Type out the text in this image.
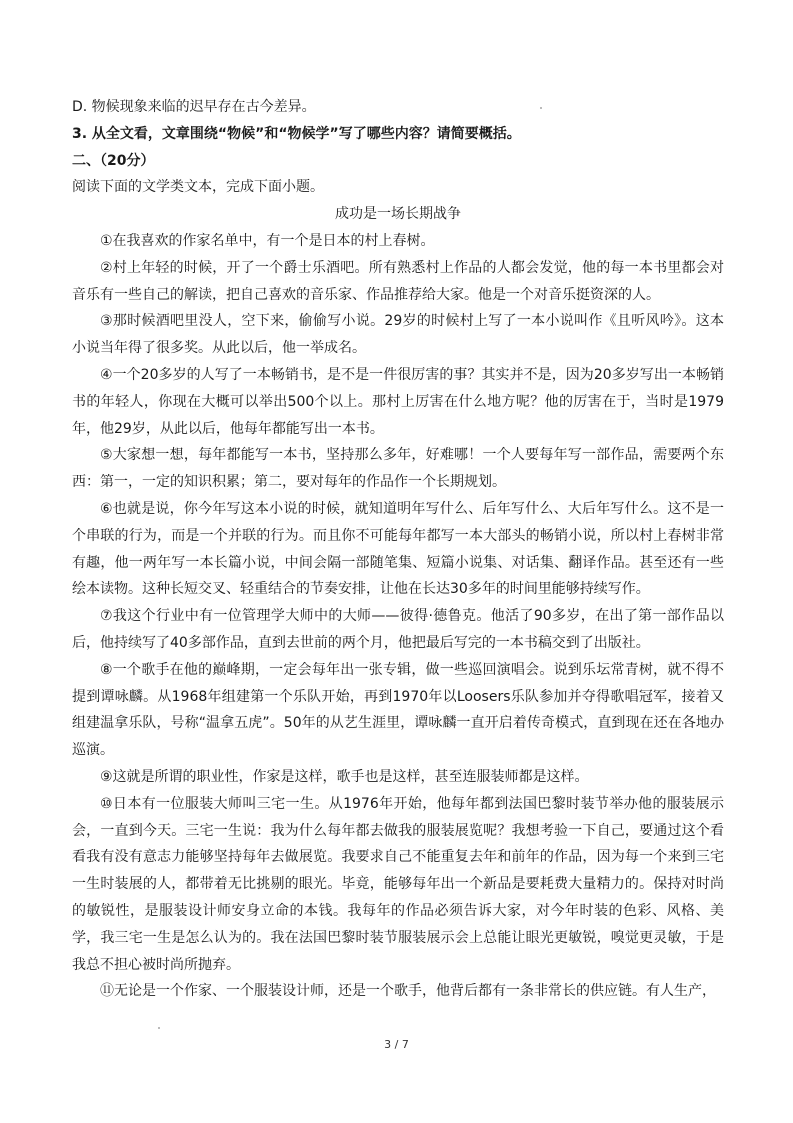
D. 物候现象来临的迟早存在古今差异。

3. 从全文看，文章围绕“物候”和“物候学”写了哪些内容？请简要概括。

二、（20分）

阅读下面的文学类文本，完成下面小题。

成功是一场长期战争

①在我喜欢的作家名单中，有一个是日本的村上春树。

②村上年轻的时候，开了一个爵士乐酒吧。所有熟悉村上作品的人都会发觉，他的每一本书里都会对音乐有一些自己的解读，把自己喜欢的音乐家、作品推荐给大家。他是一个对音乐挺资深的人。

③那时候酒吧里没人，空下来，偷偷写小说。29岁的时候村上写了一本小说叫作《且听风吟》。这本小说当年得了很多奖。从此以后，他一举成名。

④一个20多岁的人写了一本畅销书，是不是一件很厉害的事？其实并不是，因为20多岁写出一本畅销书的年轻人，你现在大概可以举出500个以上。那村上厉害在什么地方呢？他的厉害在于，当时是1979年，他29岁，从此以后，他每年都能写出一本书。

⑤大家想一想，每年都能写一本书，坚持那么多年，好难哪！一个人要每年写一部作品，需要两个东西：第一，一定的知识积累；第二，要对每年的作品作一个长期规划。

⑥也就是说，你今年写这本小说的时候，就知道明年写什么、后年写什么、大后年写什么。这不是一个串联的行为，而是一个并联的行为。而且你不可能每年都写一本大部头的畅销小说，所以村上春树非常有趣，他一两年写一本长篇小说，中间会隔一部随笔集、短篇小说集、对话集、翻译作品。甚至还有一些绘本读物。这种长短交叉、轻重结合的节奏安排，让他在长达30多年的时间里能够持续写作。

⑦我这个行业中有一位管理学大师中的大师——彼得·德鲁克。他活了90多岁，在出了第一部作品以后，他持续写了40多部作品，直到去世前的两个月，他把最后写完的一本书稿交到了出版社。

⑧一个歌手在他的巅峰期，一定会每年出一张专辑，做一些巡回演唱会。说到乐坛常青树，就不得不提到谭咏麟。从1968年组建第一个乐队开始，再到1970年以Loosers乐队参加并夺得歌唱冠军，接着又组建温拿乐队，号称“温拿五虎”。50年的从艺生涯里，谭咏麟一直开启着传奇模式，直到现在还在各地办巡演。

⑨这就是所谓的职业性，作家是这样，歌手也是这样，甚至连服装师都是这样。

⑩日本有一位服装大师叫三宅一生。从1976年开始，他每年都到法国巴黎时装节举办他的服装展示会，一直到今天。三宅一生说：我为什么每年都去做我的服装展览呢？我想考验一下自己，要通过这个看看我有没有意志力能够坚持每年去做展览。我要求自己不能重复去年和前年的作品，因为每一个来到三宅一生时装展的人，都带着无比挑剔的眼光。毕竟，能够每年出一个新品是要耗费大量精力的。保持对时尚的敏锐性，是服装设计师安身立命的本钱。我每年的作品必须告诉大家，对今年时装的色彩、风格、美学，我三宅一生是怎么认为的。我在法国巴黎时装节服装展示会上总能让眼光更敏锐，嗅觉更灵敏，于是我总不担心被时尚所抛弃。

⑪无论是一个作家、一个服装设计师，还是一个歌手，他背后都有一条非常长的供应链。有人生产，

3 / 7
